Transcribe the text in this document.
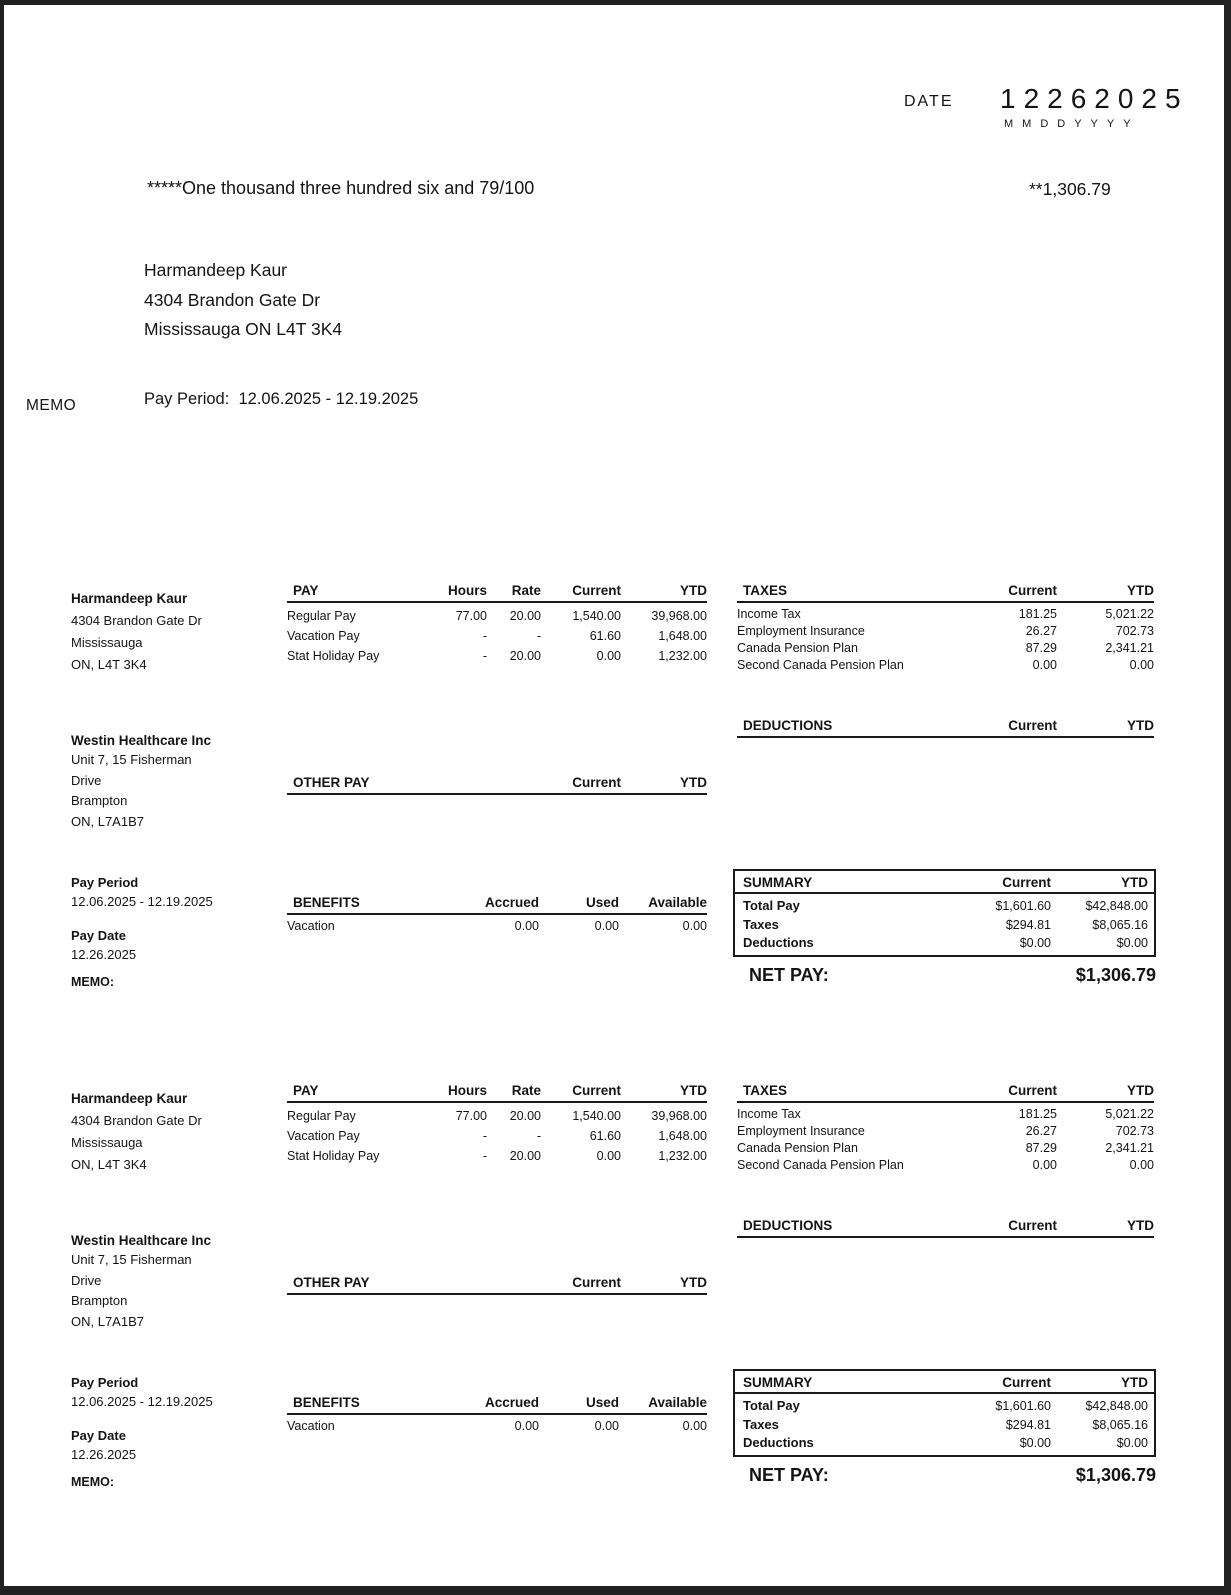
DATE 12262025
MMDDYYYY
*****One thousand three hundred six and 79/100	**1,306.79
Harmandeep Kaur
4304 Brandon Gate Dr
Mississauga ON L4T 3K4
MEMO	Pay Period:  12.06.2025 - 12.19.2025
Harmandeep Kaur
4304 Brandon Gate Dr
Mississauga
ON, L4T 3K4
Westin Healthcare Inc
Unit 7, 15 Fisherman
Drive
Brampton
ON, L7A1B7
Pay Period
12.06.2025 - 12.19.2025
Pay Date
12.26.2025
MEMO:
PAY	Hours	Rate	Current	YTD
Regular Pay	77.00	20.00	1,540.00	39,968.00
Vacation Pay	-	-	61.60	1,648.00
Stat Holiday Pay	-	20.00	0.00	1,232.00
OTHER PAY	Current	YTD
BENEFITS	Accrued	Used	Available
Vacation	0.00	0.00	0.00
TAXES	Current	YTD
Income Tax	181.25	5,021.22
Employment Insurance	26.27	702.73
Canada Pension Plan	87.29	2,341.21
Second Canada Pension Plan	0.00	0.00
DEDUCTIONS	Current	YTD
SUMMARY	Current	YTD
Total Pay	$1,601.60	$42,848.00
Taxes	$294.81	$8,065.16
Deductions	$0.00	$0.00
NET PAY:	$1,306.79
Harmandeep Kaur
4304 Brandon Gate Dr
Mississauga
ON, L4T 3K4
Westin Healthcare Inc
Unit 7, 15 Fisherman
Drive
Brampton
ON, L7A1B7
Pay Period
12.06.2025 - 12.19.2025
Pay Date
12.26.2025
MEMO:
PAY	Hours	Rate	Current	YTD
Regular Pay	77.00	20.00	1,540.00	39,968.00
Vacation Pay	-	-	61.60	1,648.00
Stat Holiday Pay	-	20.00	0.00	1,232.00
OTHER PAY	Current	YTD
BENEFITS	Accrued	Used	Available
Vacation	0.00	0.00	0.00
TAXES	Current	YTD
Income Tax	181.25	5,021.22
Employment Insurance	26.27	702.73
Canada Pension Plan	87.29	2,341.21
Second Canada Pension Plan	0.00	0.00
DEDUCTIONS	Current	YTD
SUMMARY	Current	YTD
Total Pay	$1,601.60	$42,848.00
Taxes	$294.81	$8,065.16
Deductions	$0.00	$0.00
NET PAY:	$1,306.79
